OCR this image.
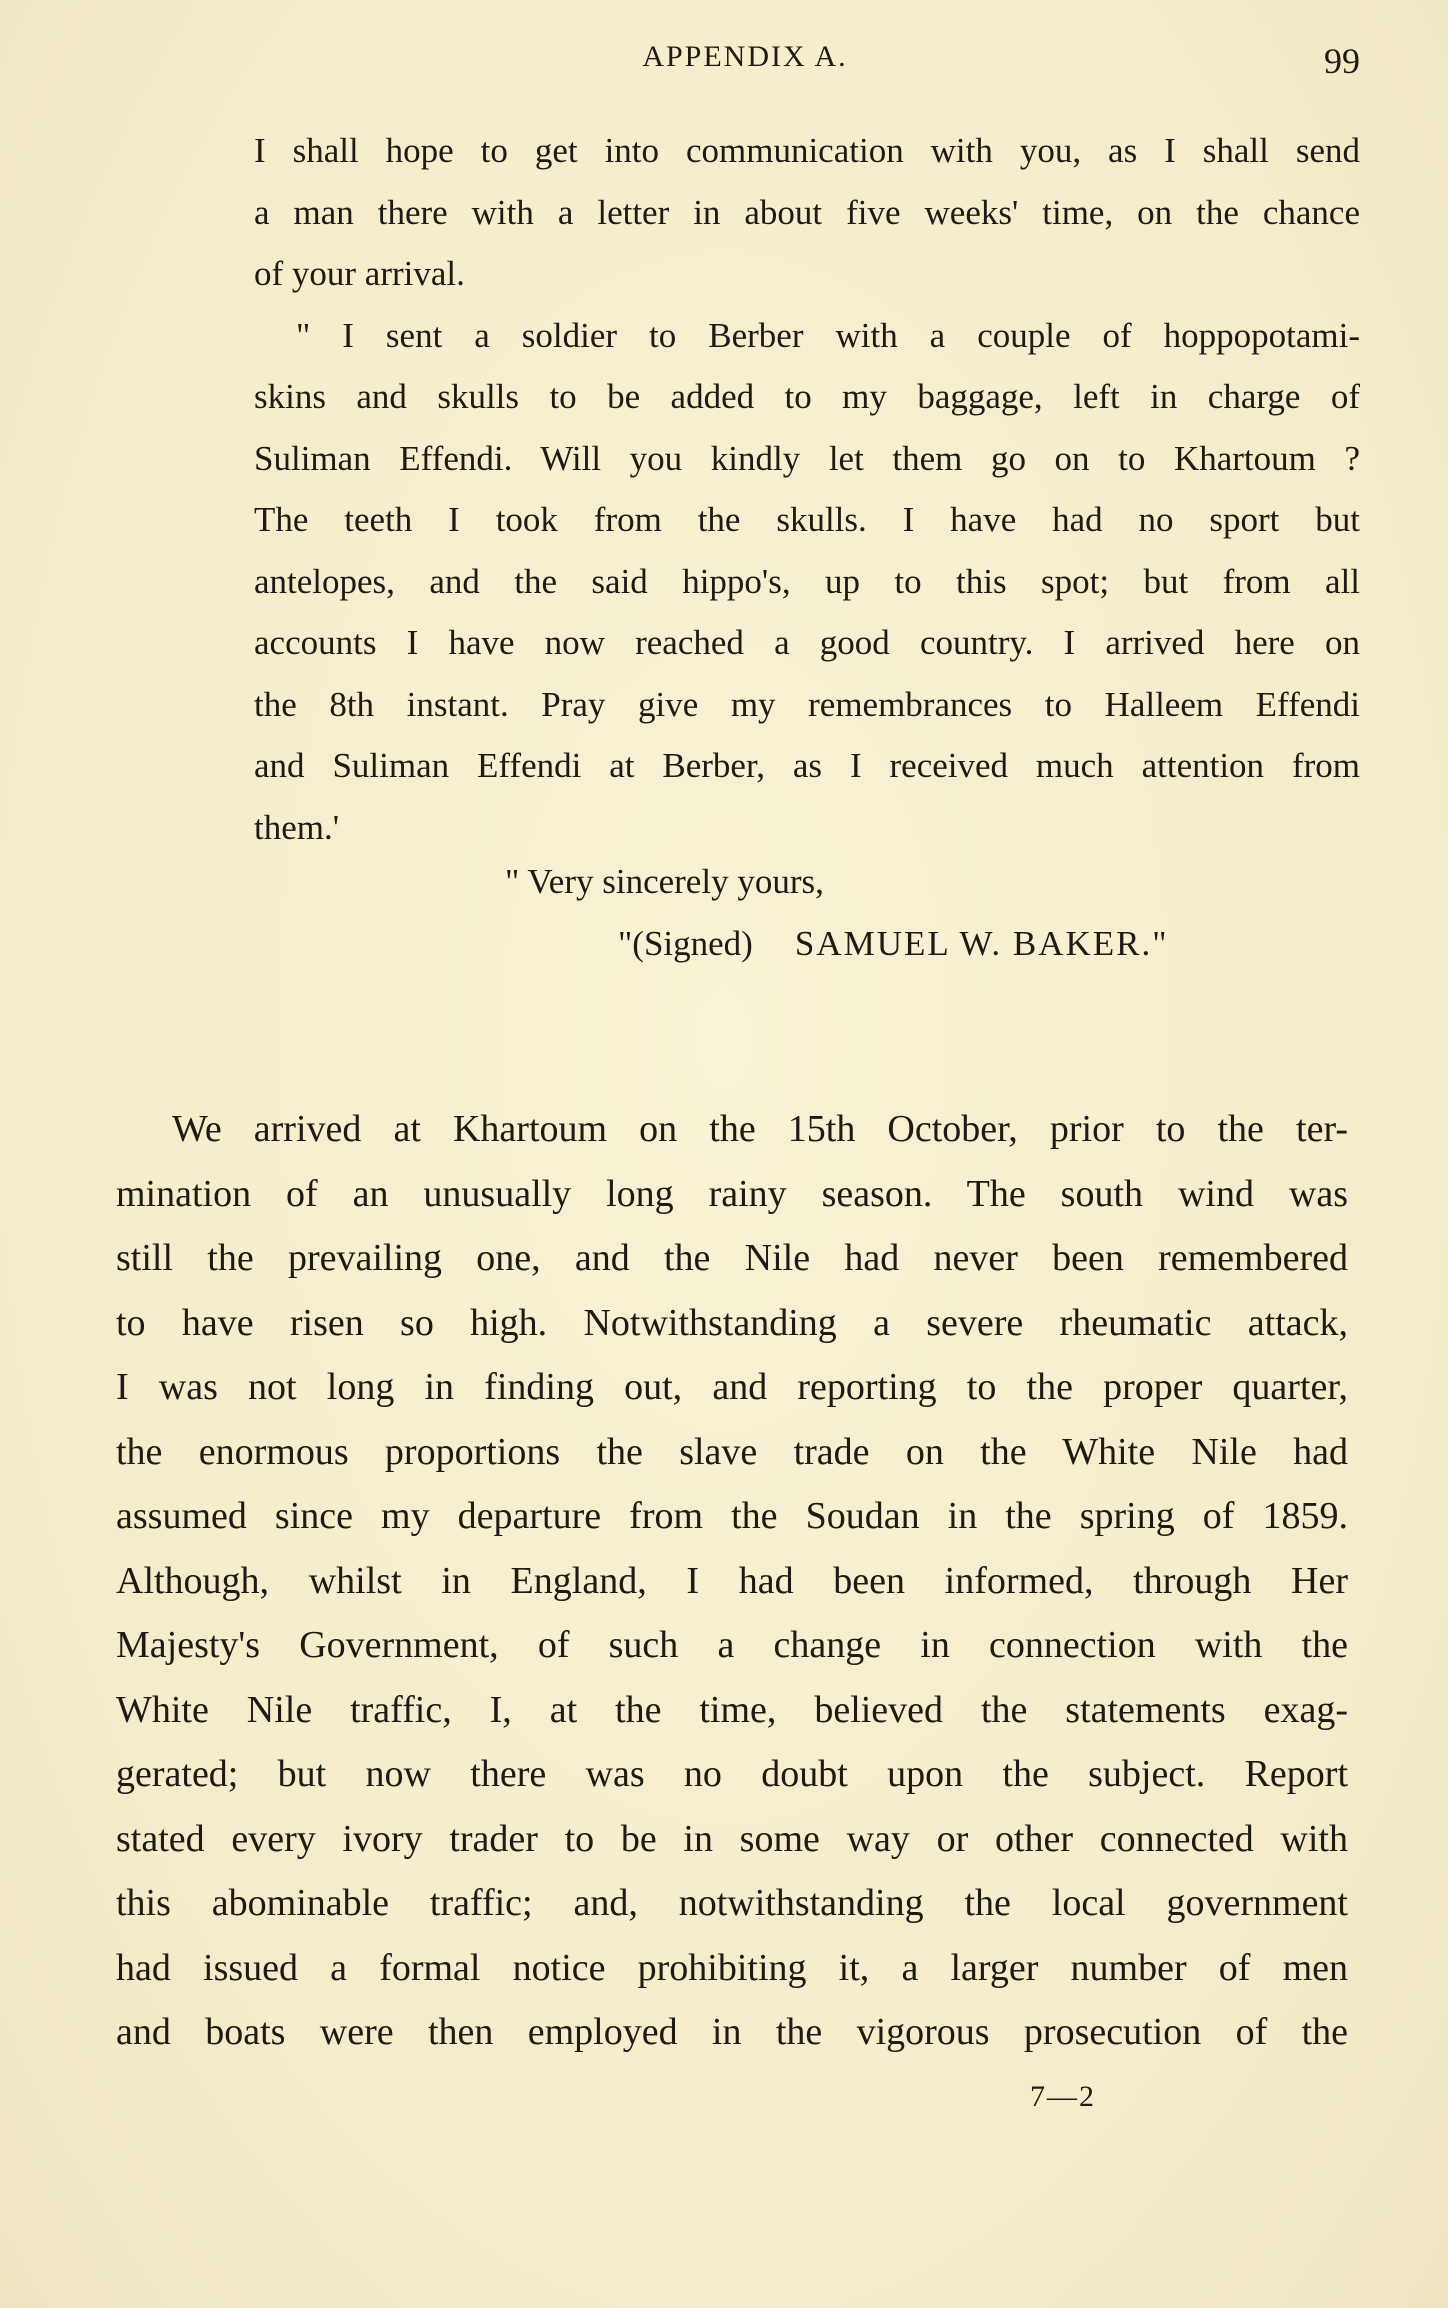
APPENDIX A.	99
I shall hope to get into communication with you, as I shall send
a man there with a letter in about five weeks' time, on the chance
of your arrival.
" I sent a soldier to Berber with a couple of hoppopotami-
skins and skulls to be added to my baggage, left in charge of
Suliman Effendi. Will you kindly let them go on to Khartoum ?
The teeth I took from the skulls. I have had no sport but
antelopes, and the said hippo's, up to this spot; but from all
accounts I have now reached a good country. I arrived here on
the 8th instant. Pray give my remembrances to Halleem Effendi
and Suliman Effendi at Berber, as I received much attention from
them.'
" Very sincerely yours,
"(Signed) SAMUEL W. BAKER."
We arrived at Khartoum on the 15th October, prior to the ter-
mination of an unusually long rainy season. The south wind was
still the prevailing one, and the Nile had never been remembered
to have risen so high. Notwithstanding a severe rheumatic attack,
I was not long in finding out, and reporting to the proper quarter,
the enormous proportions the slave trade on the White Nile had
assumed since my departure from the Soudan in the spring of 1859.
Although, whilst in England, I had been informed, through Her
Majesty's Government, of such a change in connection with the
White Nile traffic, I, at the time, believed the statements exag-
gerated; but now there was no doubt upon the subject. Report
stated every ivory trader to be in some way or other connected with
this abominable traffic; and, notwithstanding the local government
had issued a formal notice prohibiting it, a larger number of men
and boats were then employed in the vigorous prosecution of the
7—2
